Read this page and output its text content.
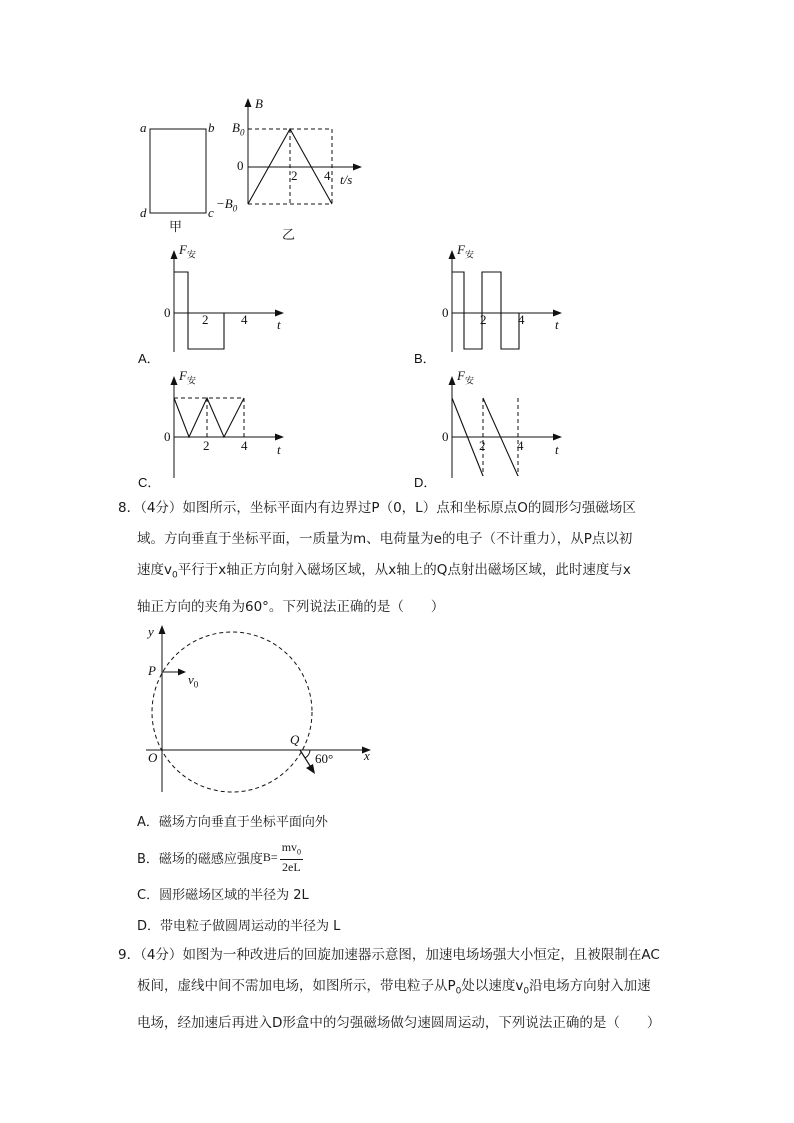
a	b
d	c
甲
B
$B_0$
0
$-B_0$
2 4 t/s
乙
$F_安$
0 2	4 t
A．
$F_安$
0 2 4 t
B．
$F_安$
0
2 4 t
C．
$F_安$
0
2 4 t
D．
8．（4分）如图所示，坐标平面内有边界过P（0，L）点和坐标原点O的圆形匀强磁场区
域。方向垂直于坐标平面，一质量为m、电荷量为e的电子（不计重力），从P点以初
速度$v_0$平行于x轴正方向射入磁场区域，从x轴上的Q点射出磁场区域，此时速度与x
轴正方向的夹角为60°。下列说法正确的是（　　）
y
P
$v_0$
O
Q
60° x
A．磁场方向垂直于坐标平面向外
B．磁场的磁感应强度 $B= \frac{mv_0}{2eL}$
C．圆形磁场区域的半径为 2L
D．带电粒子做圆周运动的半径为 L
9．（4分）如图为一种改进后的回旋加速器示意图，加速电场场强大小恒定，且被限制在AC
板间，虚线中间不需加电场，如图所示，带电粒子从$P_0$处以速度$v_0$沿电场方向射入加速
电场，经加速后再进入D形盒中的匀强磁场做匀速圆周运动，下列说法正确的是（　　）
